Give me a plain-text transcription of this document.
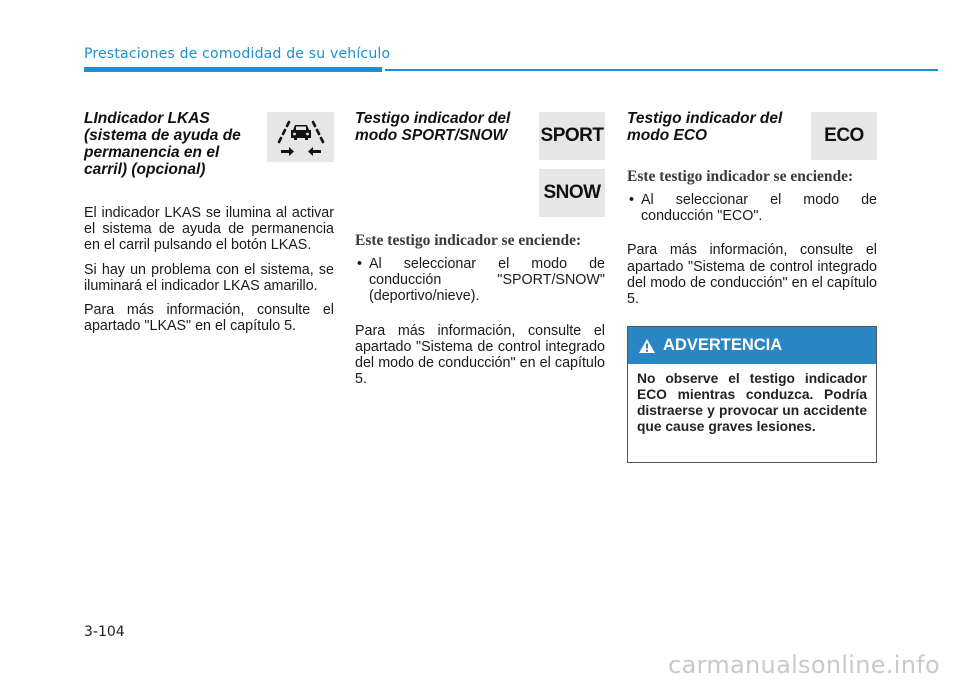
Prestaciones de comodidad de su vehículo
LIndicador LKAS
(sistema de ayuda de
permanencia en el
carril) (opcional)

El indicador LKAS se ilumina al activar el sistema de ayuda de permanencia en el carril pulsando el botón LKAS.

Si hay un problema con el sistema, se iluminará el indicador LKAS amarillo.

Para más información, consulte el apartado "LKAS" en el capítulo 5.

Testigo indicador del
modo SPORT/SNOW

Este testigo indicador se enciende:

• Al seleccionar el modo de conducción "SPORT/SNOW" (deportivo/nieve).

Para más información, consulte el apartado "Sistema de control integrado del modo de conducción" en el capítulo 5.

SPORT
SNOW
Testigo indicador del
modo ECO

Este testigo indicador se enciende:

• Al seleccionar el modo de conducción "ECO".

Para más información, consulte el apartado "Sistema de control integrado del modo de conducción" en el capítulo 5.

ECO
ADVERTENCIA
No observe el testigo indicador ECO mientras conduzca. Podría distraerse y provocar un accidente que cause graves lesiones.
3-104
carmanualsonline.info
